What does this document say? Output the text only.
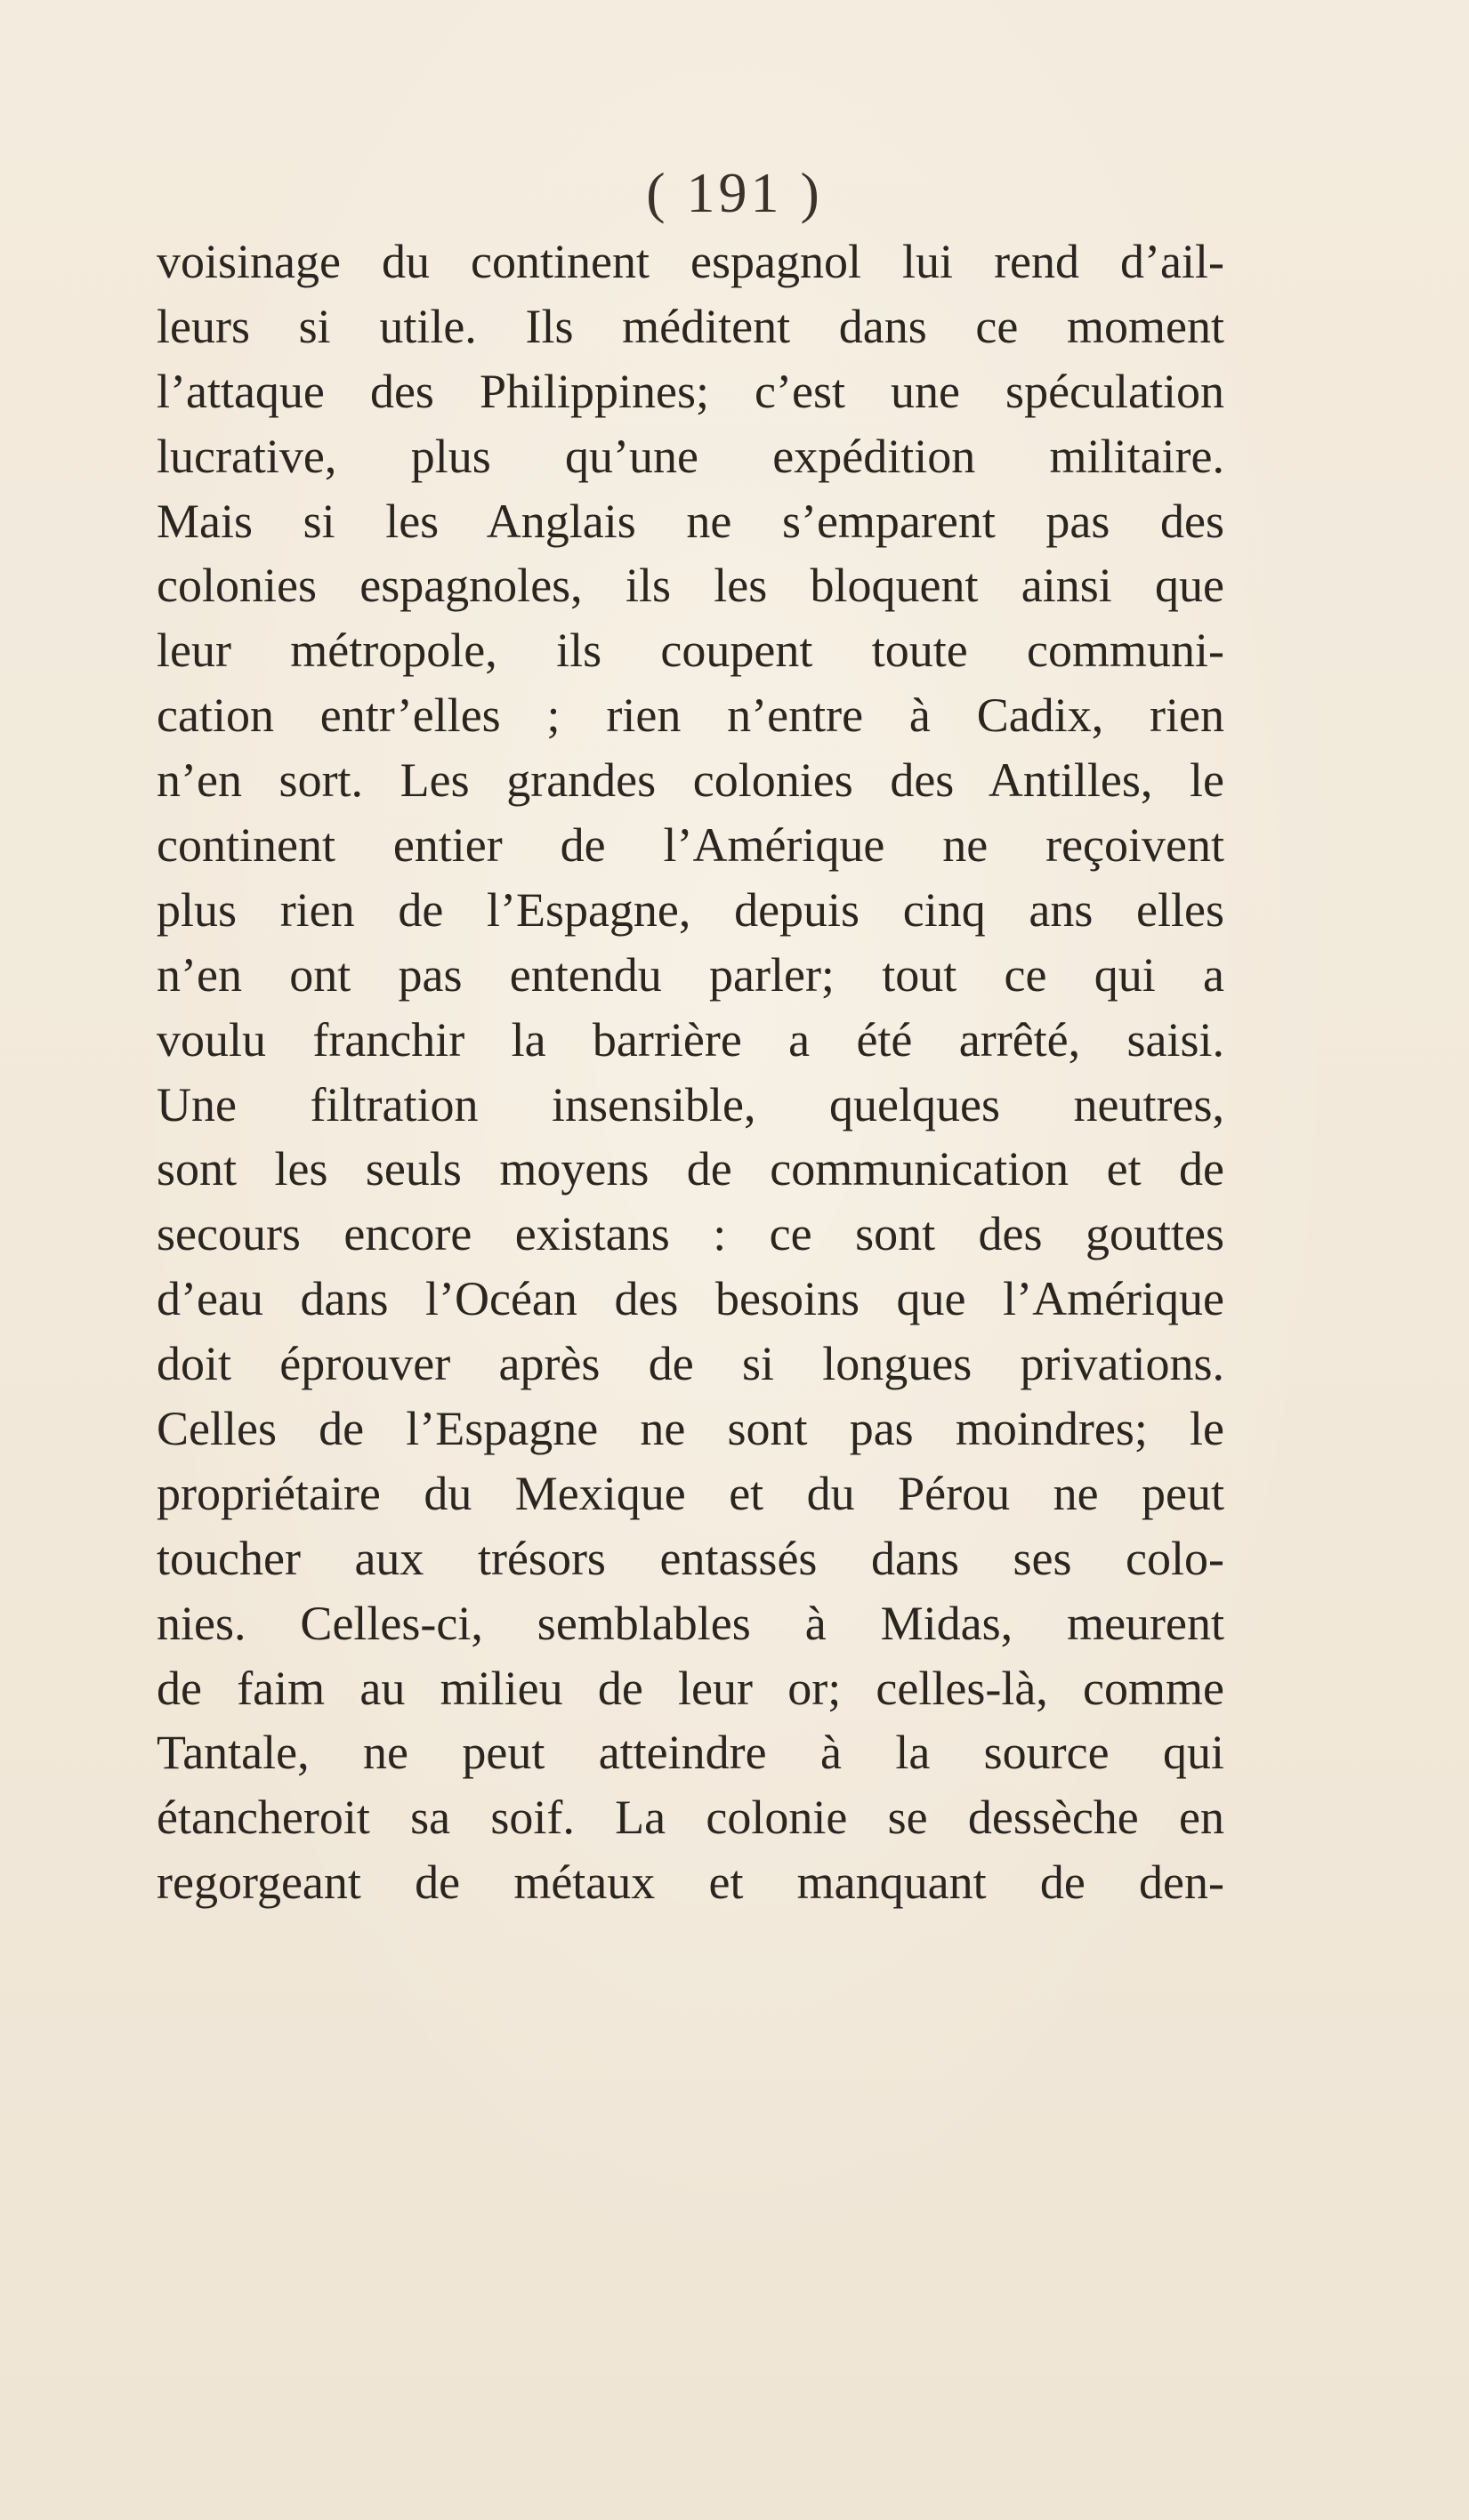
( 191 )
voisinage du continent espagnol lui rend d’ail-
leurs si utile. Ils méditent dans ce moment
l’attaque des Philippines; c’est une spéculation
lucrative, plus qu’une expédition militaire.
Mais si les Anglais ne s’emparent pas des
colonies espagnoles, ils les bloquent ainsi que
leur métropole, ils coupent toute communi-
cation entr’elles ; rien n’entre à Cadix, rien
n’en sort. Les grandes colonies des Antilles, le
continent entier de l’Amérique ne reçoivent
plus rien de l’Espagne, depuis cinq ans elles
n’en ont pas entendu parler; tout ce qui a
voulu franchir la barrière a été arrêté, saisi.
Une filtration insensible, quelques neutres,
sont les seuls moyens de communication et de
secours encore existans : ce sont des gouttes
d’eau dans l’Océan des besoins que l’Amérique
doit éprouver après de si longues privations.
Celles de l’Espagne ne sont pas moindres; le
propriétaire du Mexique et du Pérou ne peut
toucher aux trésors entassés dans ses colo-
nies. Celles-ci, semblables à Midas, meurent
de faim au milieu de leur or; celles-là, comme
Tantale, ne peut atteindre à la source qui
étancheroit sa soif. La colonie se dessèche en
regorgeant de métaux et manquant de den-
